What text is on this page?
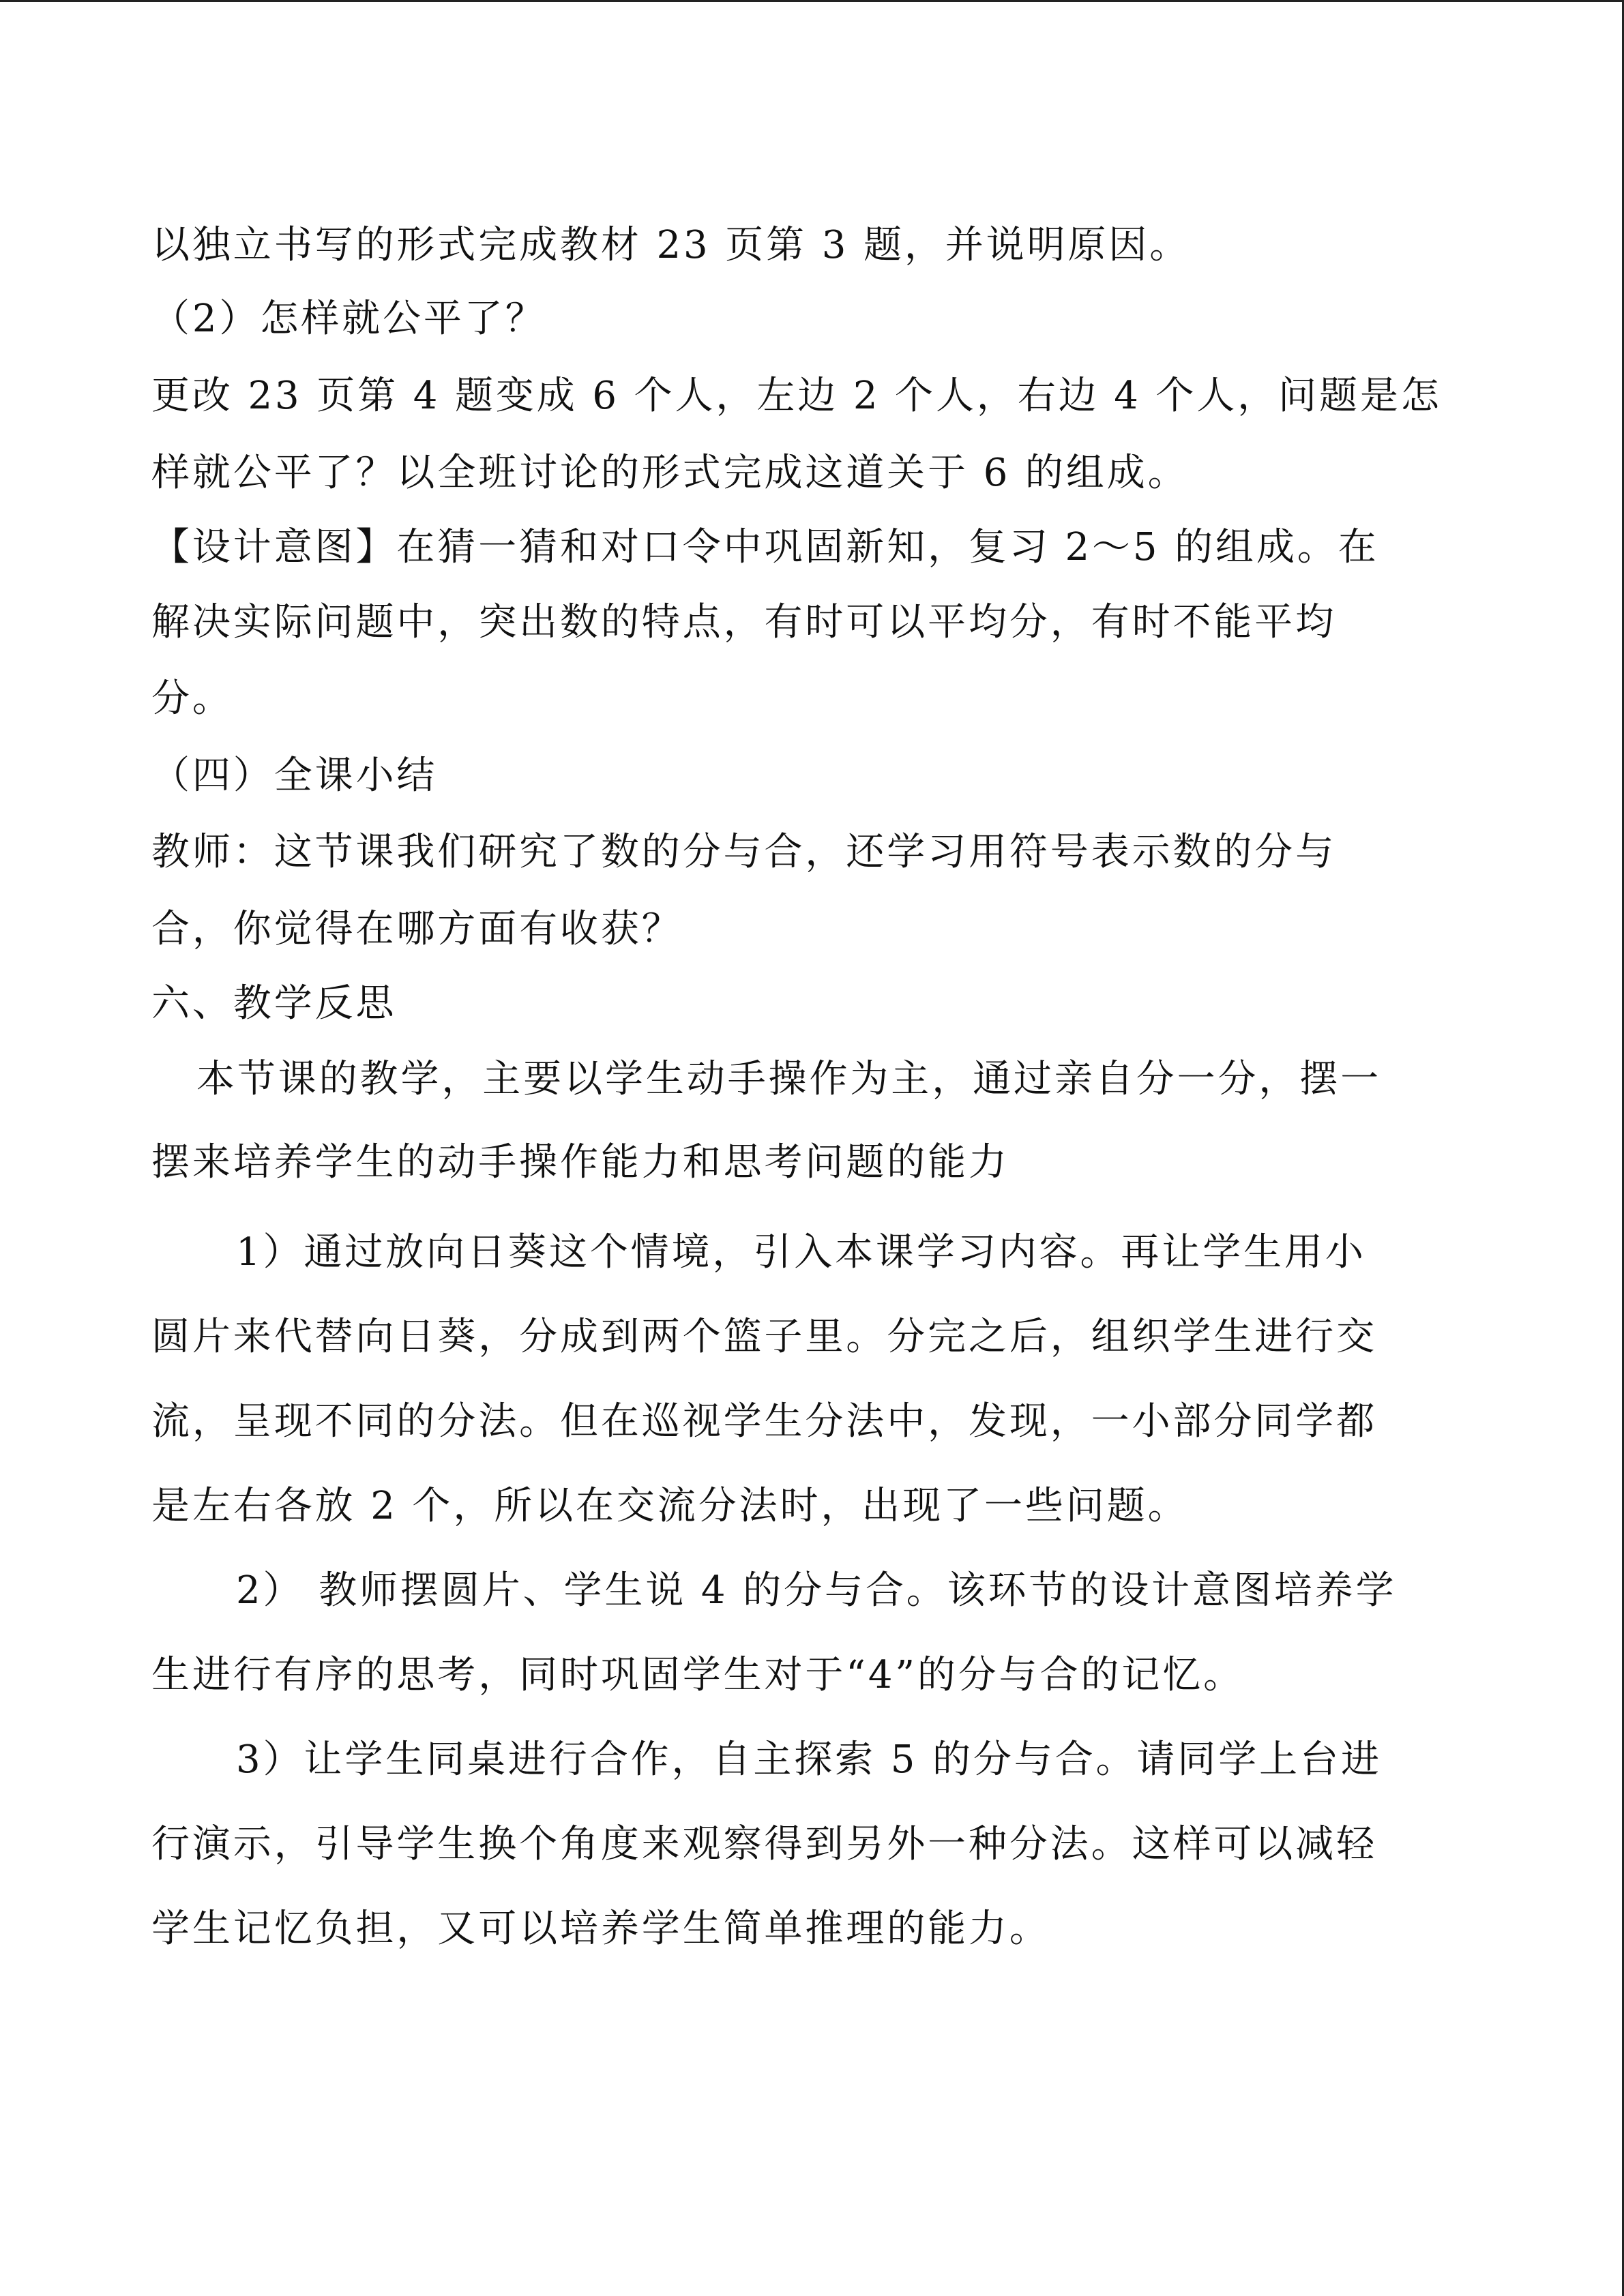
以独立书写的形式完成教材 23 页第 3 题，并说明原因。
（2）怎样就公平了？
更改 23 页第 4 题变成 6 个人，左边 2 个人，右边 4 个人，问题是怎
样就公平了？以全班讨论的形式完成这道关于 6 的组成。
【设计意图】在猜一猜和对口令中巩固新知，复习 2～5 的组成。在
解决实际问题中，突出数的特点，有时可以平均分，有时不能平均
分。
（四）全课小结
教师：这节课我们研究了数的分与合，还学习用符号表示数的分与
合，你觉得在哪方面有收获？
六、教学反思
本节课的教学，主要以学生动手操作为主，通过亲自分一分，摆一
摆来培养学生的动手操作能力和思考问题的能力
1）通过放向日葵这个情境，引入本课学习内容。再让学生用小
圆片来代替向日葵，分成到两个篮子里。分完之后，组织学生进行交
流，呈现不同的分法。但在巡视学生分法中，发现，一小部分同学都
是左右各放 2 个，所以在交流分法时，出现了一些问题。
2） 教师摆圆片、学生说 4 的分与合。该环节的设计意图培养学
生进行有序的思考，同时巩固学生对于“4”的分与合的记忆。
3）让学生同桌进行合作，自主探索 5 的分与合。请同学上台进
行演示，引导学生换个角度来观察得到另外一种分法。这样可以减轻
学生记忆负担，又可以培养学生简单推理的能力。
